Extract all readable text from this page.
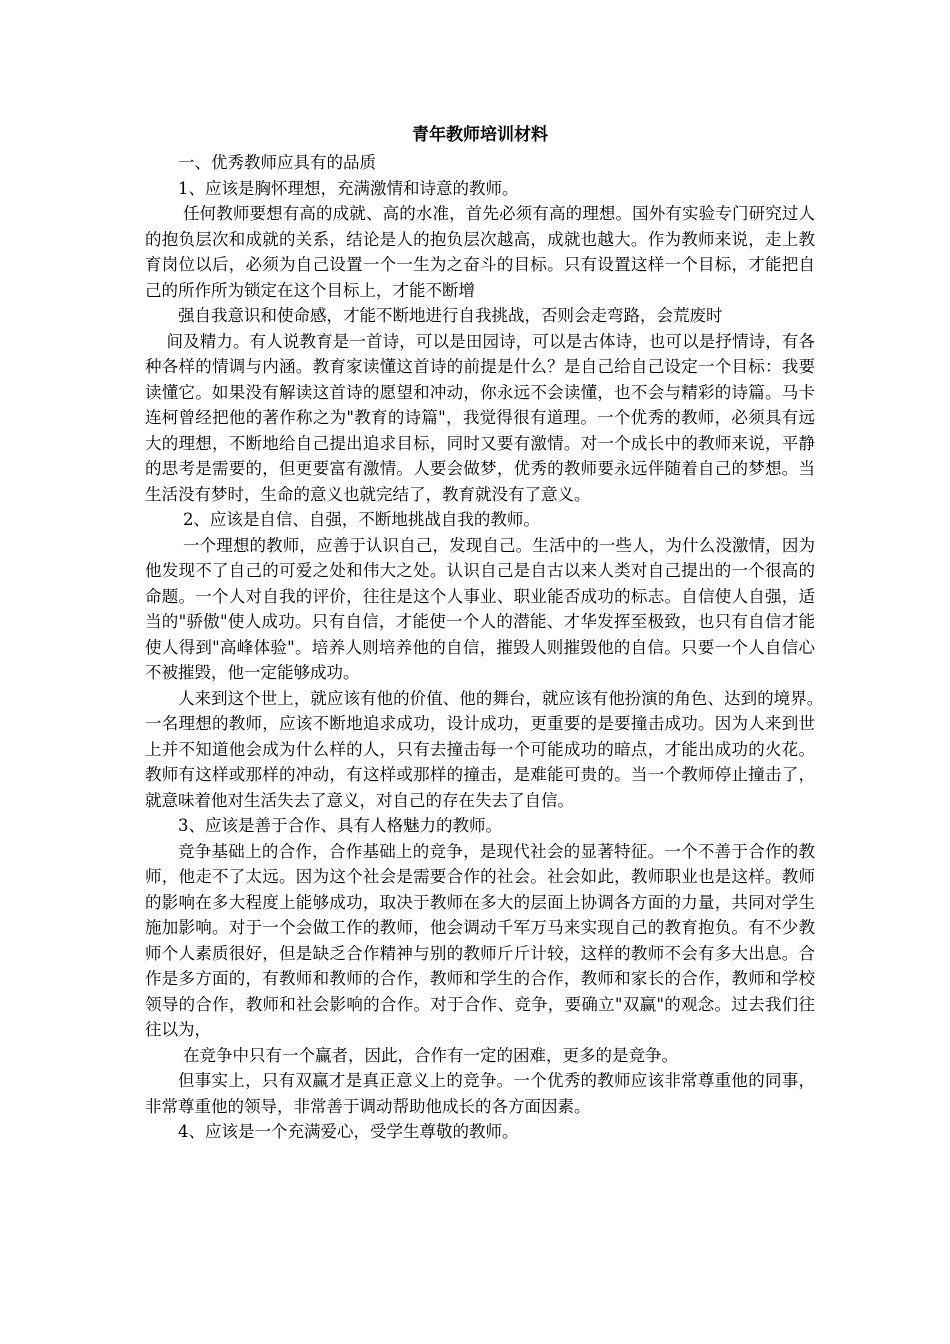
青年教师培训材料

一、优秀教师应具有的品质

1、应该是胸怀理想，充满激情和诗意的教师。

任何教师要想有高的成就、高的水准，首先必须有高的理想。国外有实验专门研究过人的抱负层次和成就的关系，结论是人的抱负层次越高，成就也越大。作为教师来说，走上教育岗位以后，必须为自己设置一个一生为之奋斗的目标。只有设置这样一个目标，才能把自己的所作所为锁定在这个目标上，才能不断增

强自我意识和使命感，才能不断地进行自我挑战，否则会走弯路，会荒废时

间及精力。有人说教育是一首诗，可以是田园诗，可以是古体诗，也可以是抒情诗，有各种各样的情调与内涵。教育家读懂这首诗的前提是什么？是自己给自己设定一个目标：我要读懂它。如果没有解读这首诗的愿望和冲动，你永远不会读懂，也不会与精彩的诗篇。马卡连柯曾经把他的著作称之为"教育的诗篇"，我觉得很有道理。一个优秀的教师，必须具有远大的理想，不断地给自己提出追求目标，同时又要有激情。对一个成长中的教师来说，平静的思考是需要的，但更要富有激情。人要会做梦，优秀的教师要永远伴随着自己的梦想。当生活没有梦时，生命的意义也就完结了，教育就没有了意义。

2、应该是自信、自强，不断地挑战自我的教师。

一个理想的教师，应善于认识自己，发现自己。生活中的一些人，为什么没激情，因为他发现不了自己的可爱之处和伟大之处。认识自己是自古以来人类对自己提出的一个很高的命题。一个人对自我的评价，往往是这个人事业、职业能否成功的标志。自信使人自强，适当的"骄傲"使人成功。只有自信，才能使一个人的潜能、才华发挥至极致，也只有自信才能使人得到"高峰体验"。培养人则培养他的自信，摧毁人则摧毁他的自信。只要一个人自信心不被摧毁，他一定能够成功。

人来到这个世上，就应该有他的价值、他的舞台，就应该有他扮演的角色、达到的境界。　一名理想的教师，应该不断地追求成功，设计成功，更重要的是要撞击成功。因为人来到世上并不知道他会成为什么样的人，只有去撞击每一个可能成功的暗点，才能出成功的火花。教师有这样或那样的冲动，有这样或那样的撞击，是难能可贵的。当一个教师停止撞击了，就意味着他对生活失去了意义，对自己的存在失去了自信。

3、应该是善于合作、具有人格魅力的教师。

竞争基础上的合作，合作基础上的竞争，是现代社会的显著特征。一个不善于合作的教师，他走不了太远。因为这个社会是需要合作的社会。社会如此，教师职业也是这样。教师的影响在多大程度上能够成功，取决于教师在多大的层面上协调各方面的力量，共同对学生施加影响。对于一个会做工作的教师，他会调动千军万马来实现自己的教育抱负。有不少教师个人素质很好，但是缺乏合作精神与别的教师斤斤计较，这样的教师不会有多大出息。合作是多方面的，有教师和教师的合作，教师和学生的合作，教师和家长的合作，教师和学校领导的合作，教师和社会影响的合作。对于合作、竞争，要确立"双赢"的观念。过去我们往往以为，

在竞争中只有一个赢者，因此，合作有一定的困难，更多的是竞争。

但事实上，只有双赢才是真正意义上的竞争。一个优秀的教师应该非常尊重他的同事，非常尊重他的领导，非常善于调动帮助他成长的各方面因素。

4、应该是一个充满爱心，受学生尊敬的教师。
